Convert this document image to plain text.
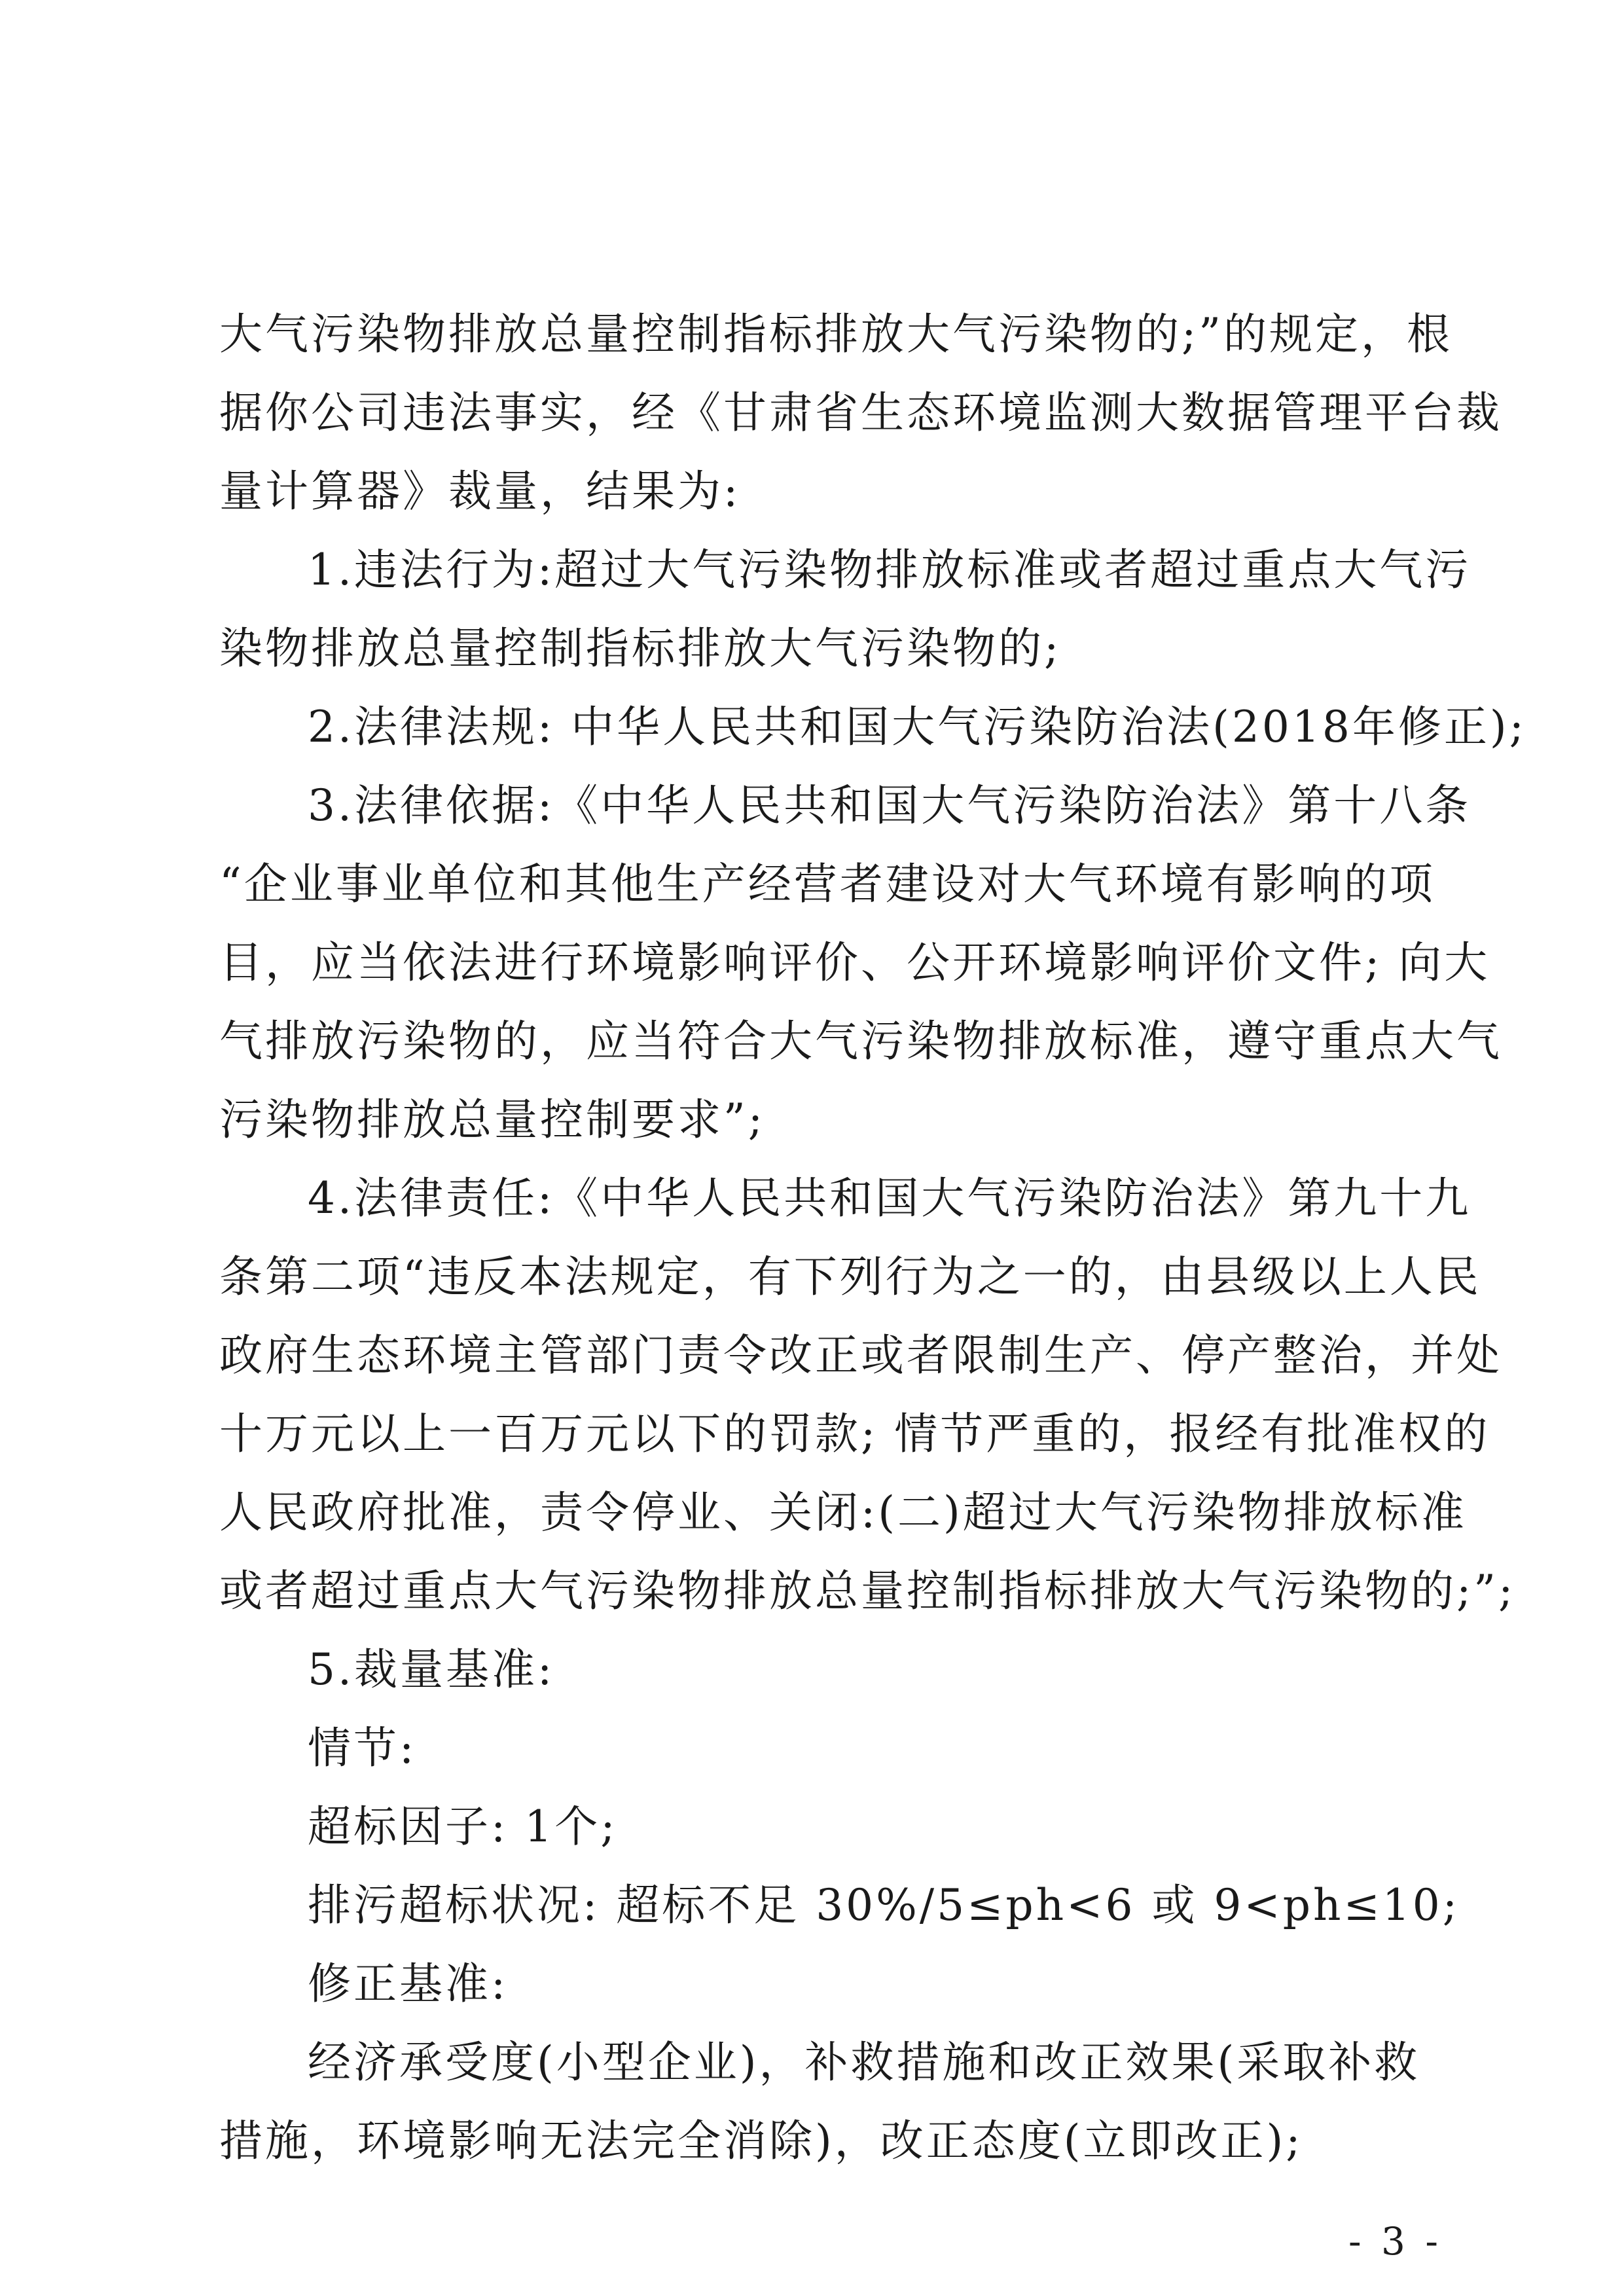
大气污染物排放总量控制指标排放大气污染物的;”的规定，根
据你公司违法事实，经《甘肃省生态环境监测大数据管理平台裁
量计算器》裁量，结果为:
1.违法行为:超过大气污染物排放标准或者超过重点大气污
染物排放总量控制指标排放大气污染物的;
2.法律法规: 中华人民共和国大气污染防治法(2018年修正);
3.法律依据:《中华人民共和国大气污染防治法》第十八条
“企业事业单位和其他生产经营者建设对大气环境有影响的项
目，应当依法进行环境影响评价、公开环境影响评价文件; 向大
气排放污染物的，应当符合大气污染物排放标准，遵守重点大气
污染物排放总量控制要求”;
4.法律责任:《中华人民共和国大气污染防治法》第九十九
条第二项“违反本法规定，有下列行为之一的，由县级以上人民
政府生态环境主管部门责令改正或者限制生产、停产整治，并处
十万元以上一百万元以下的罚款; 情节严重的，报经有批准权的
人民政府批准，责令停业、关闭:(二)超过大气污染物排放标准
或者超过重点大气污染物排放总量控制指标排放大气污染物的;”;
5.裁量基准:
情节:
超标因子: 1个;
排污超标状况: 超标不足 30%/5≤ph<6 或 9<ph≤10;
修正基准:
经济承受度(小型企业)，补救措施和改正效果(采取补救
措施，环境影响无法完全消除)，改正态度(立即改正);
- 3 -
